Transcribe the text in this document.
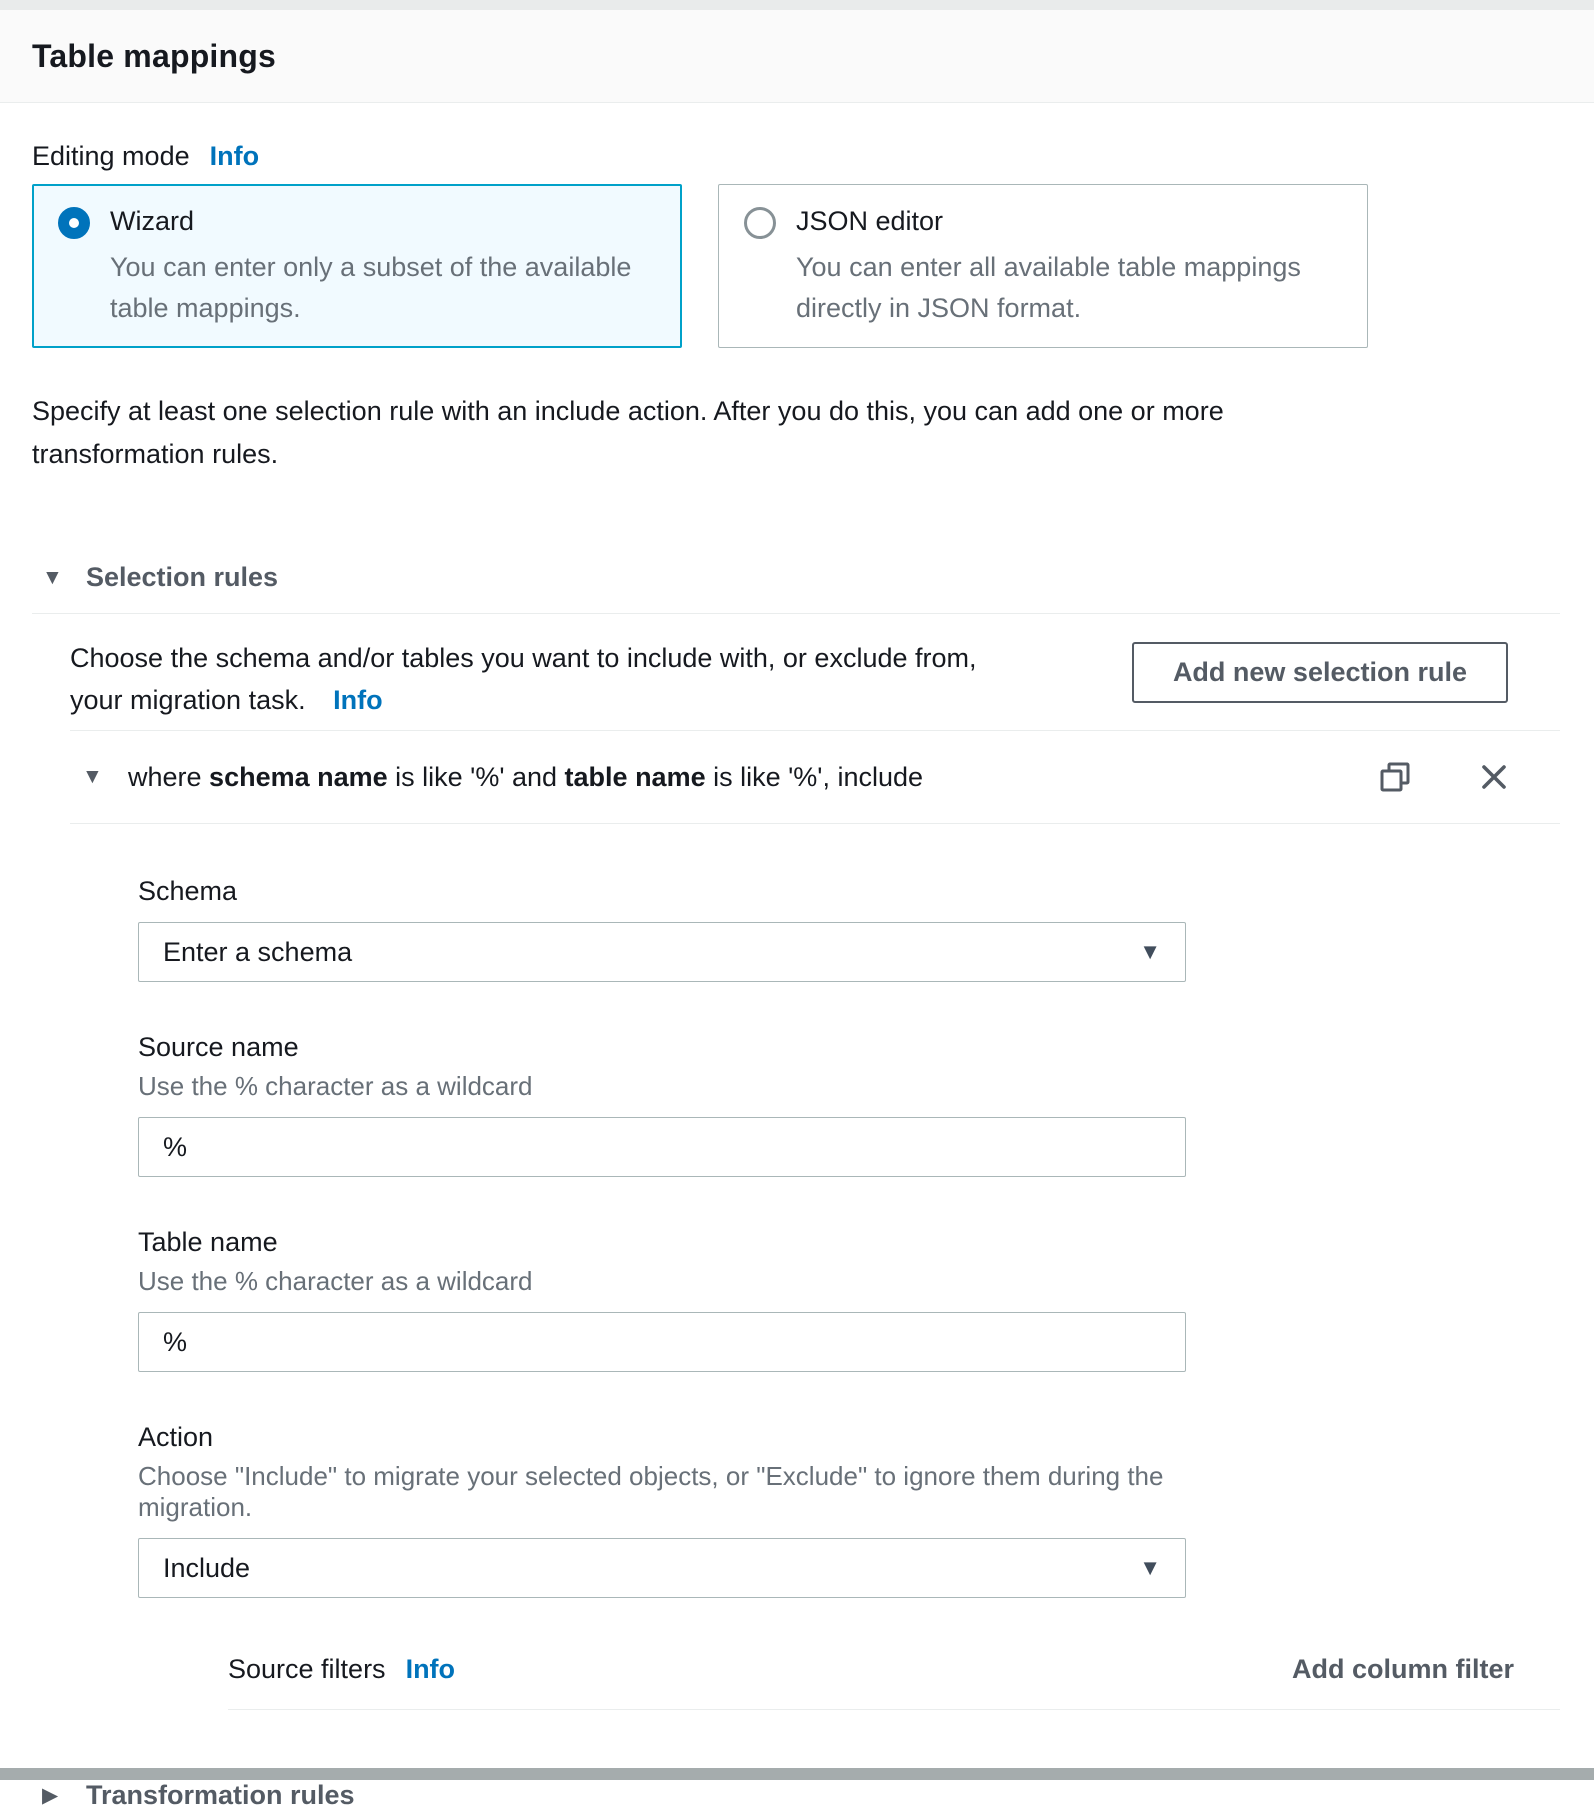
Table mappings
Editing mode Info
Wizard
You can enter only a subset of the available table mappings.
JSON editor
You can enter all available table mappings directly in JSON format.
Specify at least one selection rule with an include action. After you do this, you can add one or more transformation rules.
▼ Selection rules
Choose the schema and/or tables you want to include with, or exclude from, your migration task. Info
Add new selection rule
▼ where schema name is like '%' and table name is like '%', include
Schema
Enter a schema	▼
Source name
Use the % character as a wildcard
%
Table name
Use the % character as a wildcard
%
Action
Choose "Include" to migrate your selected objects, or "Exclude" to ignore them during the migration.
Include	▼
Source filters Info	Add column filter
▶	Transformation rules
